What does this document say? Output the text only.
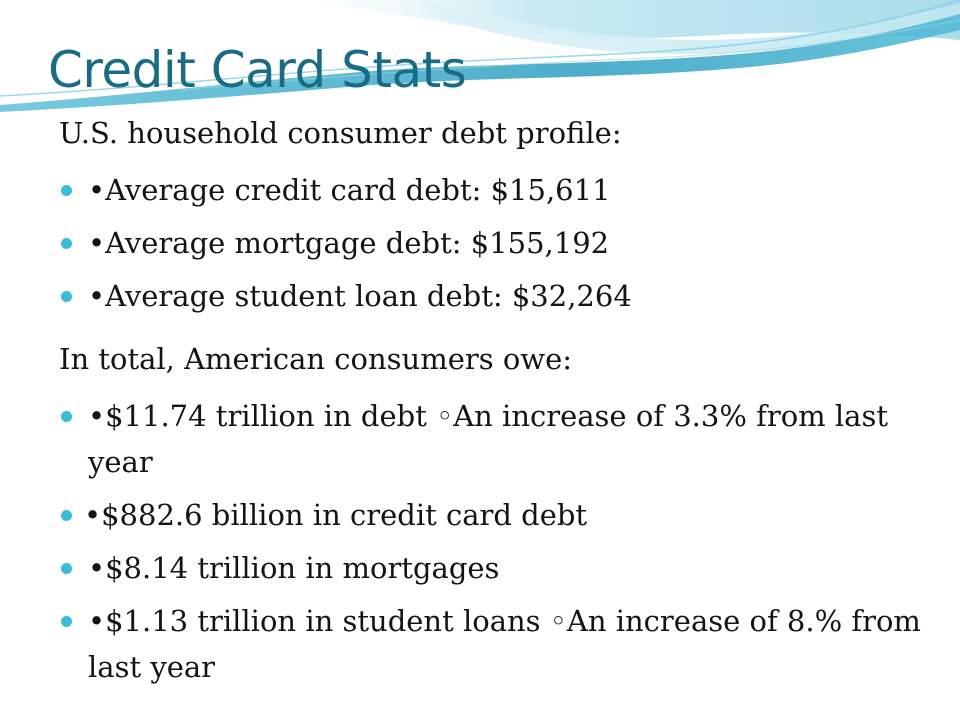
Credit Card Stats

U.S. household consumer debt profile:

•Average credit card debt: $15,611
•Average mortgage debt: $155,192
•Average student loan debt: $32,264

In total, American consumers owe:

•$11.74 trillion in debt ◦An increase of 3.3% from last year
•$882.6 billion in credit card debt
•$8.14 trillion in mortgages
•$1.13 trillion in student loans ◦An increase of 8.% from last year
